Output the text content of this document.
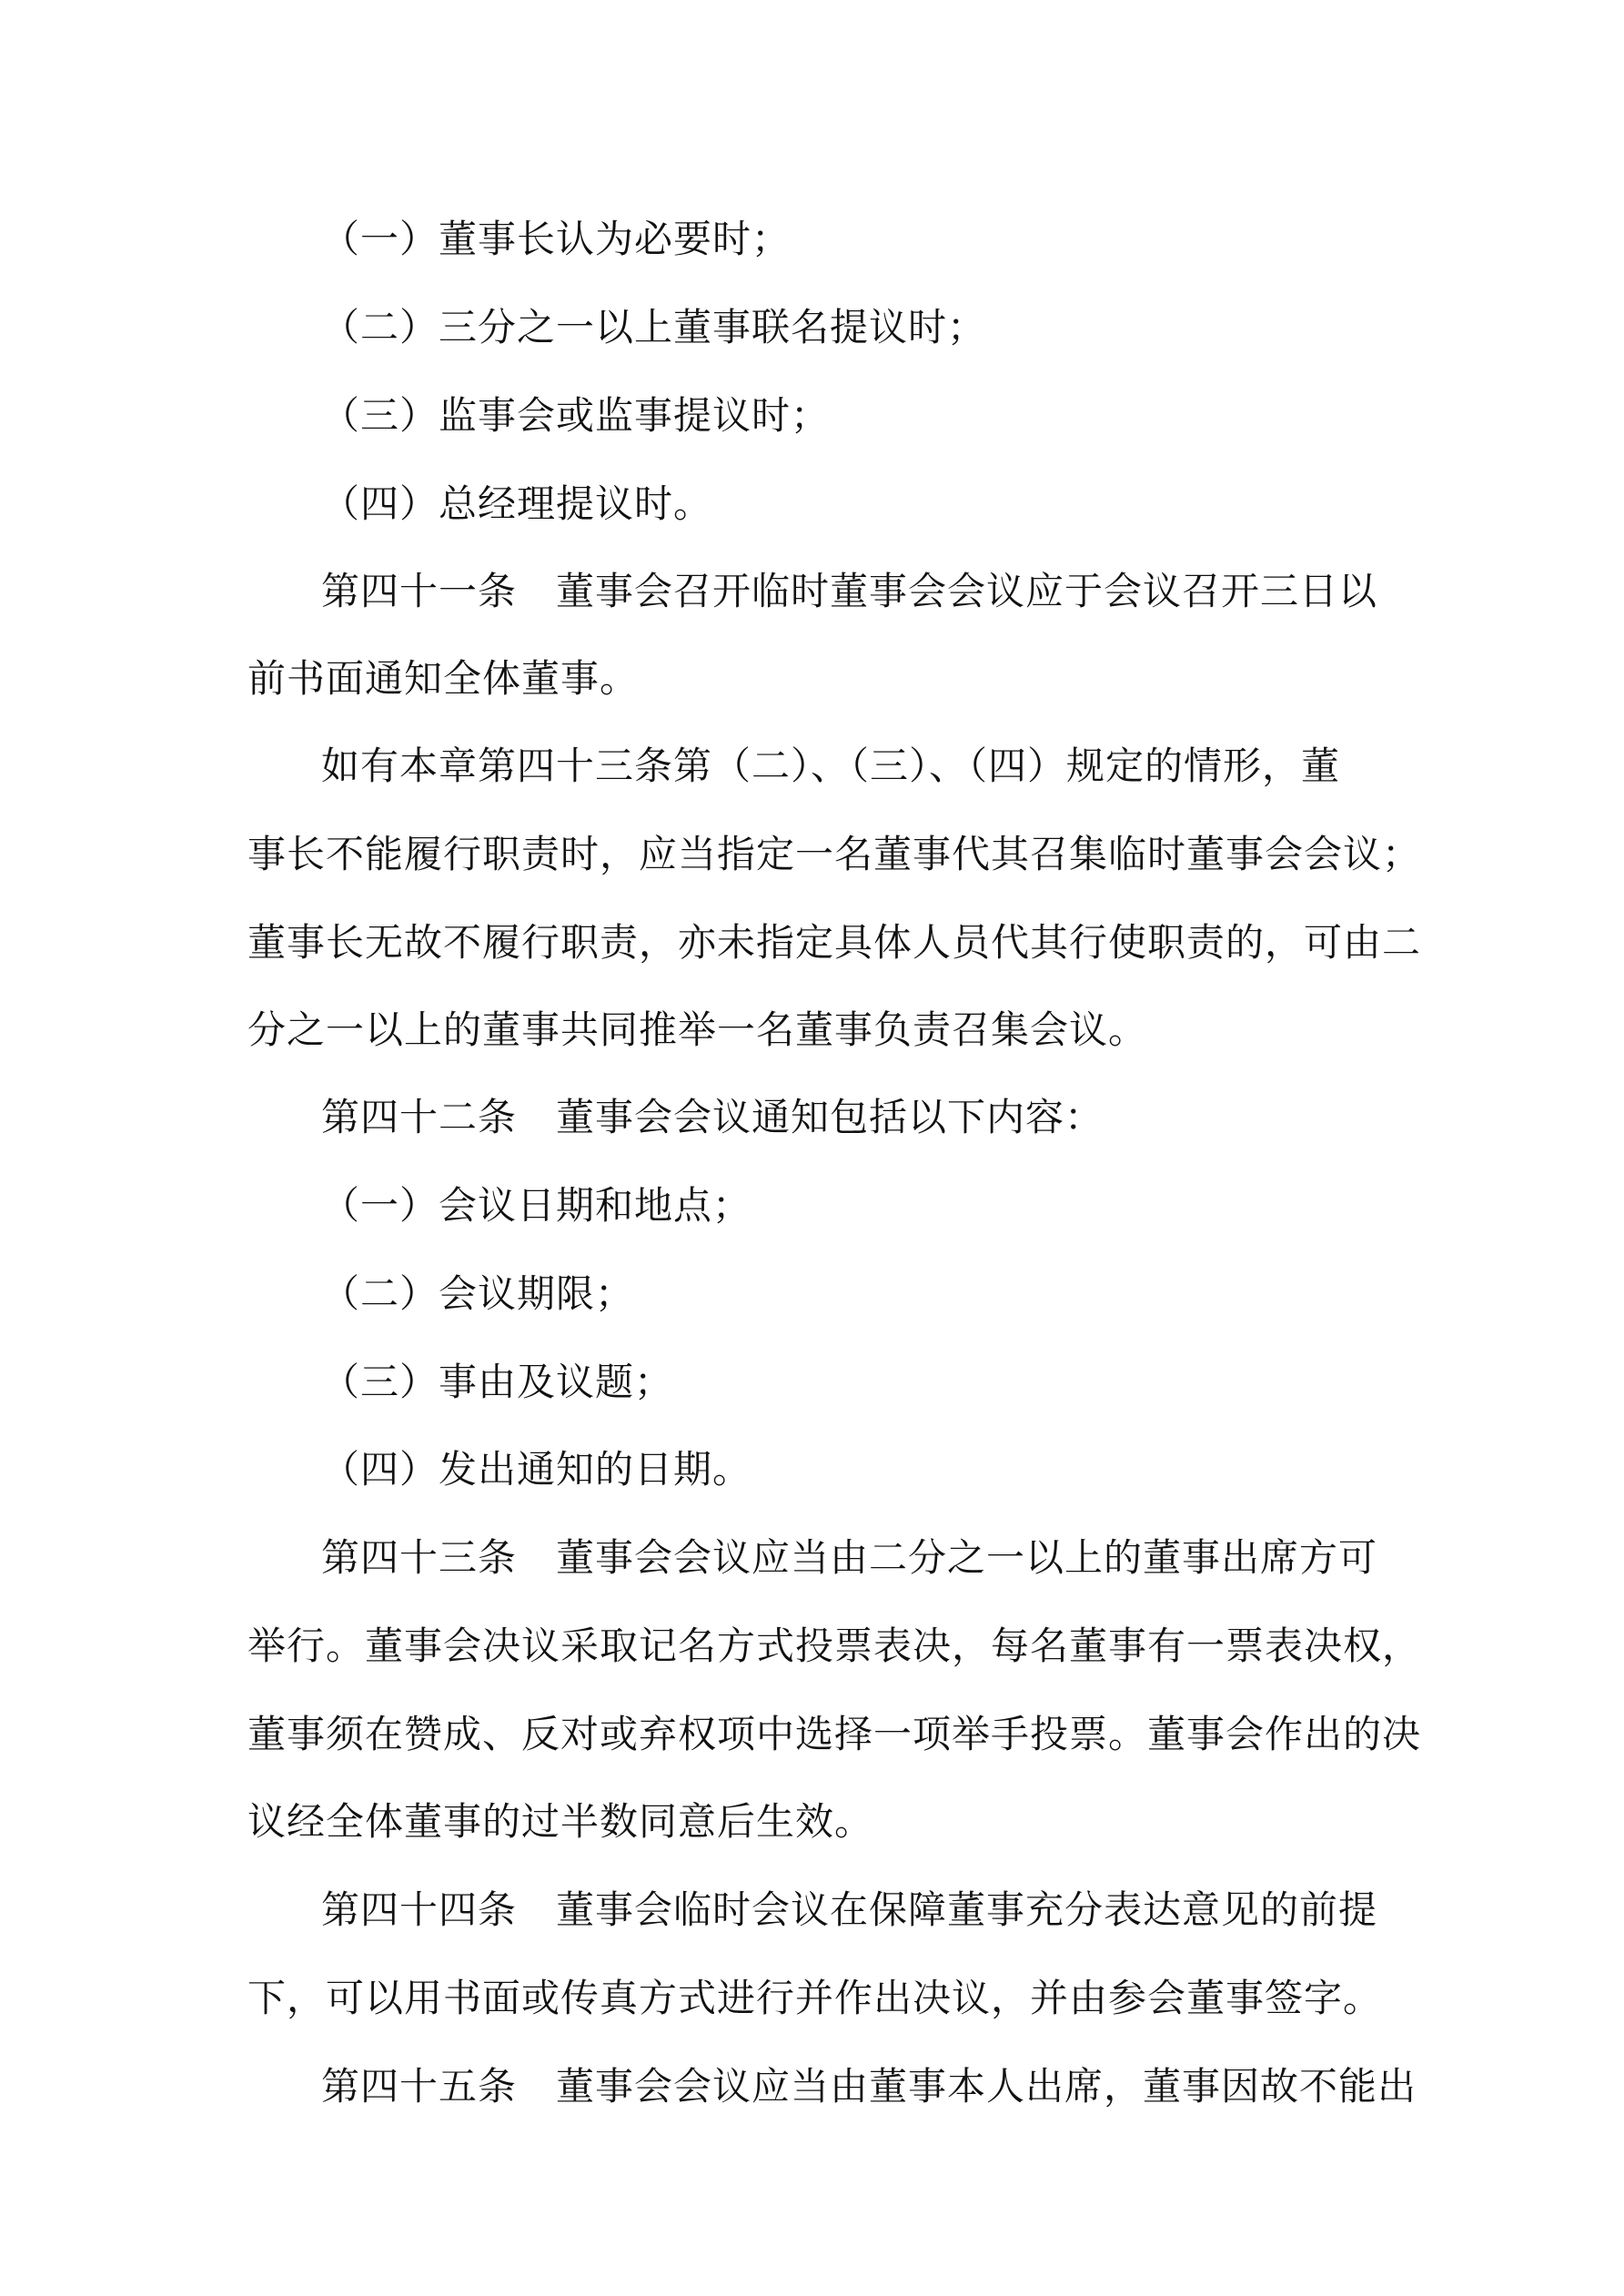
（一）董事长认为必要时；
（二）三分之一以上董事联名提议时；
（三）监事会或监事提议时；
（四）总经理提议时。
第四十一条　董事会召开临时董事会会议应于会议召开三日以
前书面通知全体董事。
如有本章第四十三条第（二）、（三）、（四）规定的情形，董
事长不能履行职责时，应当指定一名董事代其召集临时董事会会议；
董事长无故不履行职责，亦未指定具体人员代其行使职责的，可由二
分之一以上的董事共同推举一名董事负责召集会议。
第四十二条　董事会会议通知包括以下内容：
（一）会议日期和地点；
（二）会议期限；
（三）事由及议题；
（四）发出通知的日期。
第四十三条　董事会会议应当由二分之一以上的董事出席方可
举行。董事会决议采取记名方式投票表决，每名董事有一票表决权，
董事须在赞成、反对或弃权项中选择一项举手投票。董事会作出的决
议经全体董事的过半数同意后生效。
第四十四条　董事会临时会议在保障董事充分表达意见的前提
下，可以用书面或传真方式进行并作出决议，并由参会董事签字。
第四十五条　董事会会议应当由董事本人出席，董事因故不能出
